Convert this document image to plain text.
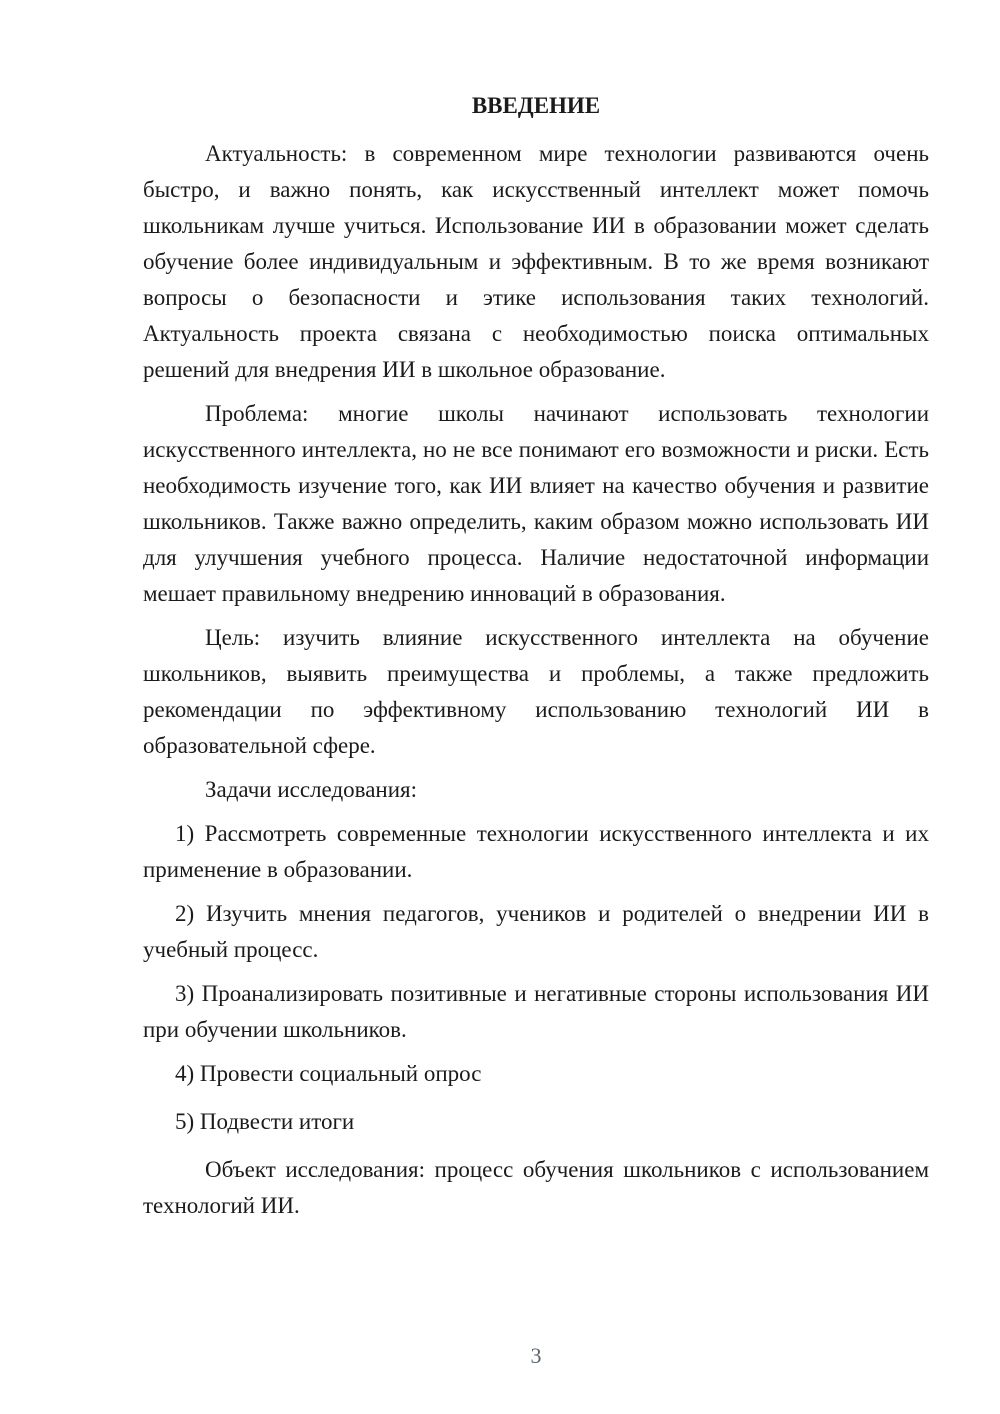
ВВЕДЕНИЕ

Актуальность: в современном мире технологии развиваются очень быстро, и важно понять, как искусственный интеллект может помочь школьникам лучше учиться. Использование ИИ в образовании может сделать обучение более индивидуальным и эффективным. В то же время возникают вопросы о безопасности и этике использования таких технологий. Актуальность проекта связана с необходимостью поиска оптимальных решений для внедрения ИИ в школьное образование.

Проблема: многие школы начинают использовать технологии искусственного интеллекта, но не все понимают его возможности и риски. Есть необходимость изучение того, как ИИ влияет на качество обучения и развитие школьников. Также важно определить, каким образом можно использовать ИИ для улучшения учебного процесса. Наличие недостаточной информации мешает правильному внедрению инноваций в образования.

Цель: изучить влияние искусственного интеллекта на обучение школьников, выявить преимущества и проблемы, а также предложить рекомендации по эффективному использованию технологий ИИ в образовательной сфере.

Задачи исследования:

1) Рассмотреть современные технологии искусственного интеллекта и их применение в образовании.

2) Изучить мнения педагогов, учеников и родителей о внедрении ИИ в учебный процесс.

3) Проанализировать позитивные и негативные стороны использования ИИ при обучении школьников.

4) Провести социальный опрос

5) Подвести итоги

Объект исследования: процесс обучения школьников с использованием технологий ИИ.

3
